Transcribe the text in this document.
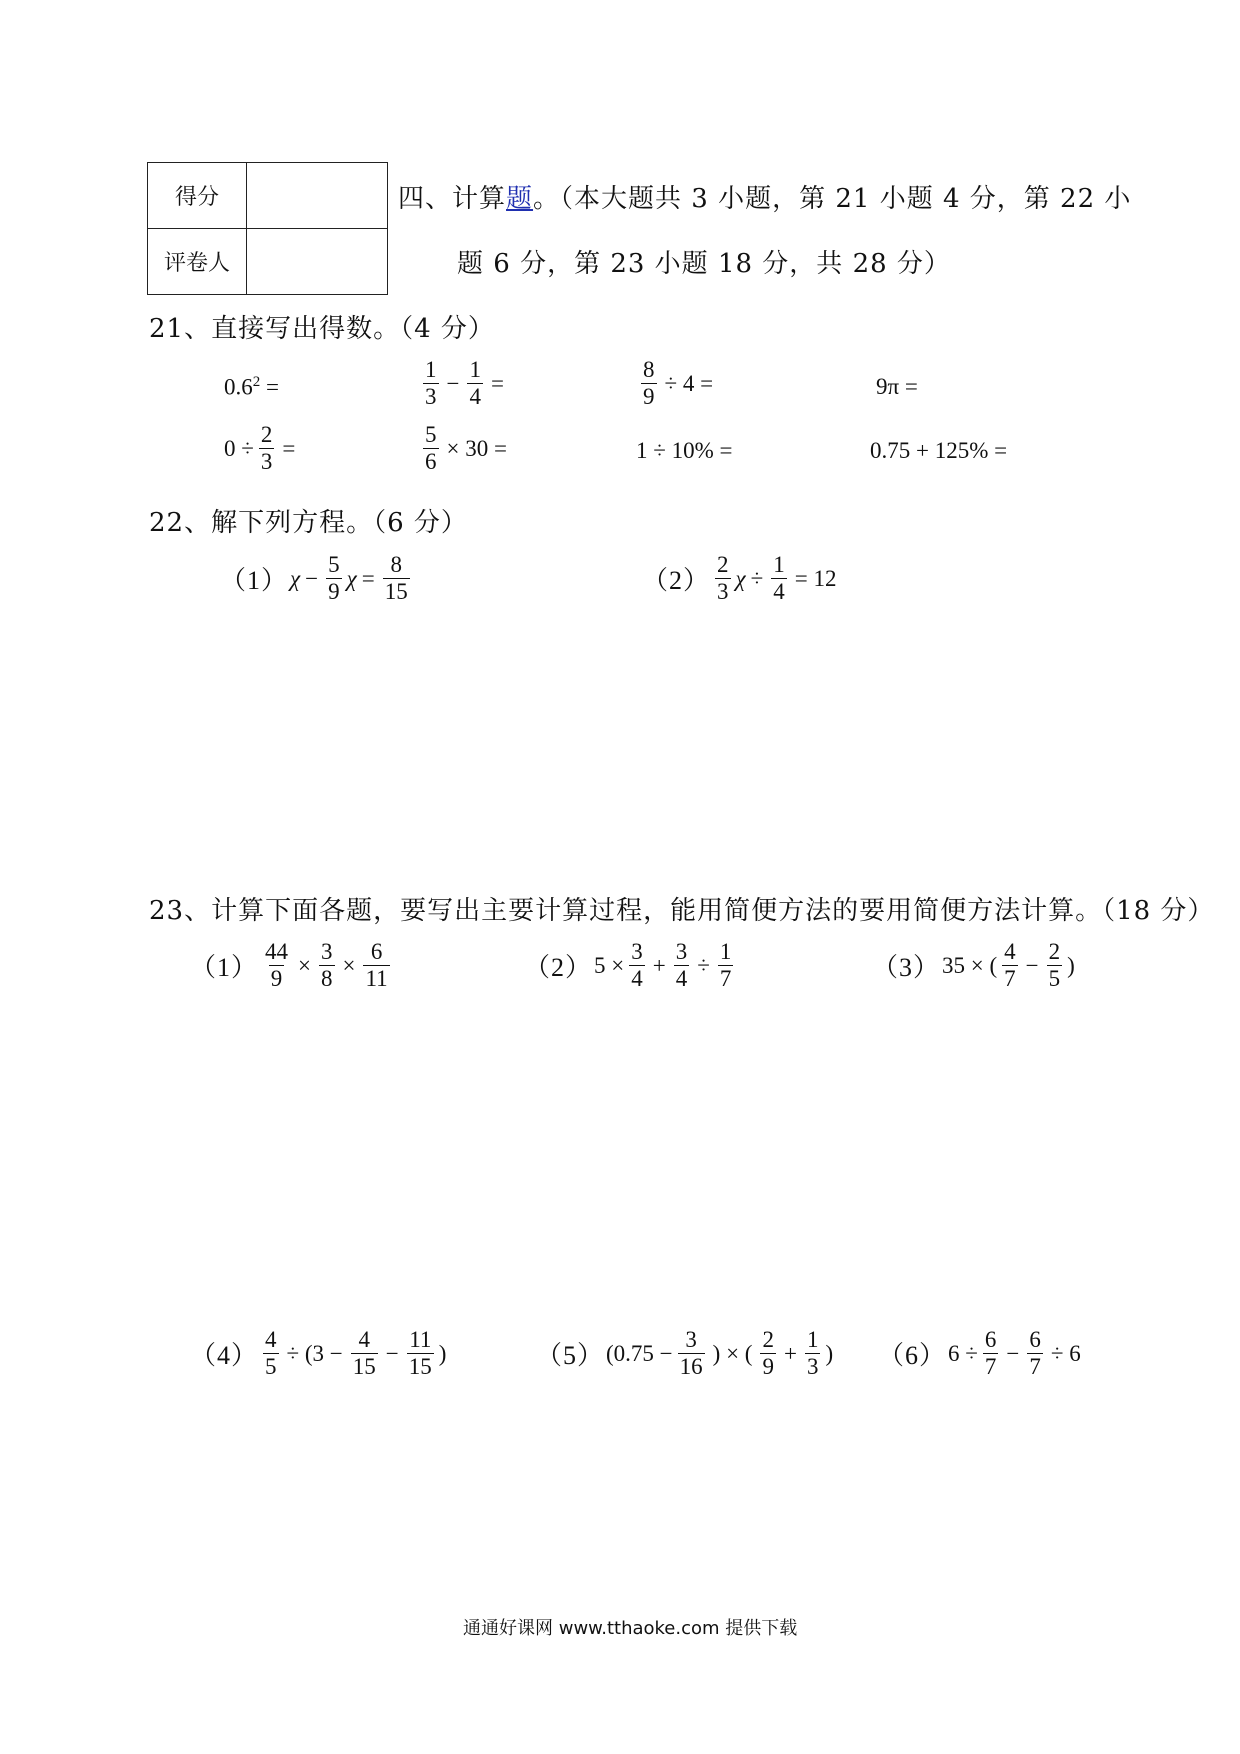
得分	
评卷人	
四、计算题。（本大题共 3 小题，第 21 小题 4 分，第 22 小
题 6 分，第 23 小题 18 分，共 28 分）
21、直接写出得数。（4 分）
$0.6^2$ =	$\frac{1}{3} - \frac{1}{4}$ =	$\frac{8}{9} \div 4$ =	9π =
$0 \div \frac{2}{3}$ =	$\frac{5}{6} \times 30$ =	1 ÷ 10% =	0.75 + 125% =
22、解下列方程。（6 分）
（1） $\chi - \frac{5}{9}$ $\chi = \frac{8}{15}$	$(2) \frac{2}{3}$ $\chi \div \frac{1}{4} = 12$
23、计算下面各题，要写出主要计算过程，能用简便方法的要用简便方法计算。（18 分）
$(1) \frac{44}{9} \times \frac{3}{8} \times \frac{6}{11}$	（2） $5 \times \frac{3}{4} + \frac{3}{4} \div \frac{1}{7}$	（3） 35 × ( $\frac{4}{7} - \frac{2}{5}$ )
$(4) \frac{4}{5} \div (3 - \frac{4}{15} - \frac{11}{15}$ )	（5） ($0.75 - \frac{3}{16}$ ) × ( $\frac{2}{9} + \frac{1}{3}$ ) （6） $6 \div \frac{6}{7} - \frac{6}{7} \div 6$
通通好课网 www.tthaoke.com 提供下载
